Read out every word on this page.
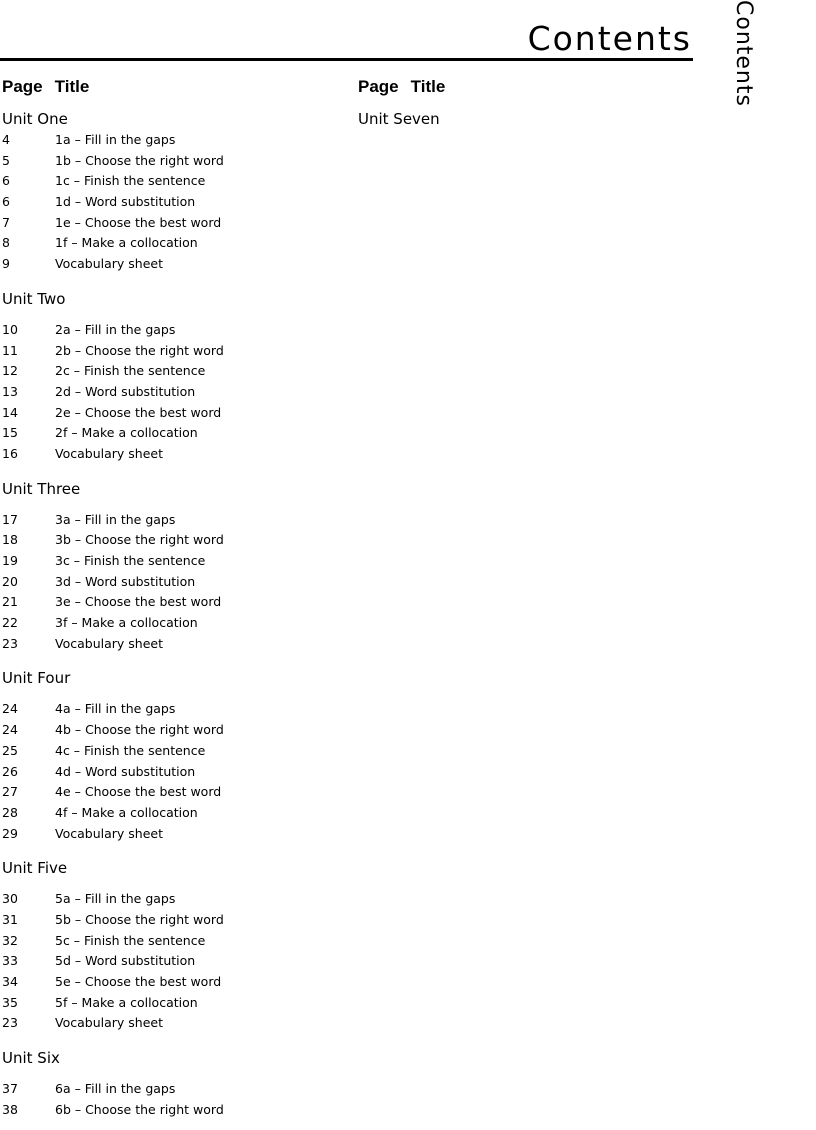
Contents Contents
Page Title
Unit One
4	1a – Fill in the gaps
5	1b – Choose the right word
6	1c – Finish the sentence
6	1d – Word substitution
7	1e – Choose the best word
8	1f – Make a collocation
9	Vocabulary sheet
Unit Two
10	2a – Fill in the gaps
11	2b – Choose the right word
12	2c – Finish the sentence
13	2d – Word substitution
14	2e – Choose the best word
15	2f – Make a collocation
16	Vocabulary sheet
Unit Three
17	3a – Fill in the gaps
18	3b – Choose the right word
19	3c – Finish the sentence
20	3d – Word substitution
21	3e – Choose the best word
22	3f – Make a collocation
23	Vocabulary sheet
Unit Four
24	4a – Fill in the gaps
24	4b – Choose the right word
25	4c – Finish the sentence
26	4d – Word substitution
27	4e – Choose the best word
28	4f – Make a collocation
29	Vocabulary sheet
Unit Five
30	5a – Fill in the gaps
31	5b – Choose the right word
32	5c – Finish the sentence
33	5d – Word substitution
34	5e – Choose the best word
35	5f – Make a collocation
23	Vocabulary sheet
Unit Six
37	6a – Fill in the gaps
38	6b – Choose the right word
Page Title
Unit Seven
